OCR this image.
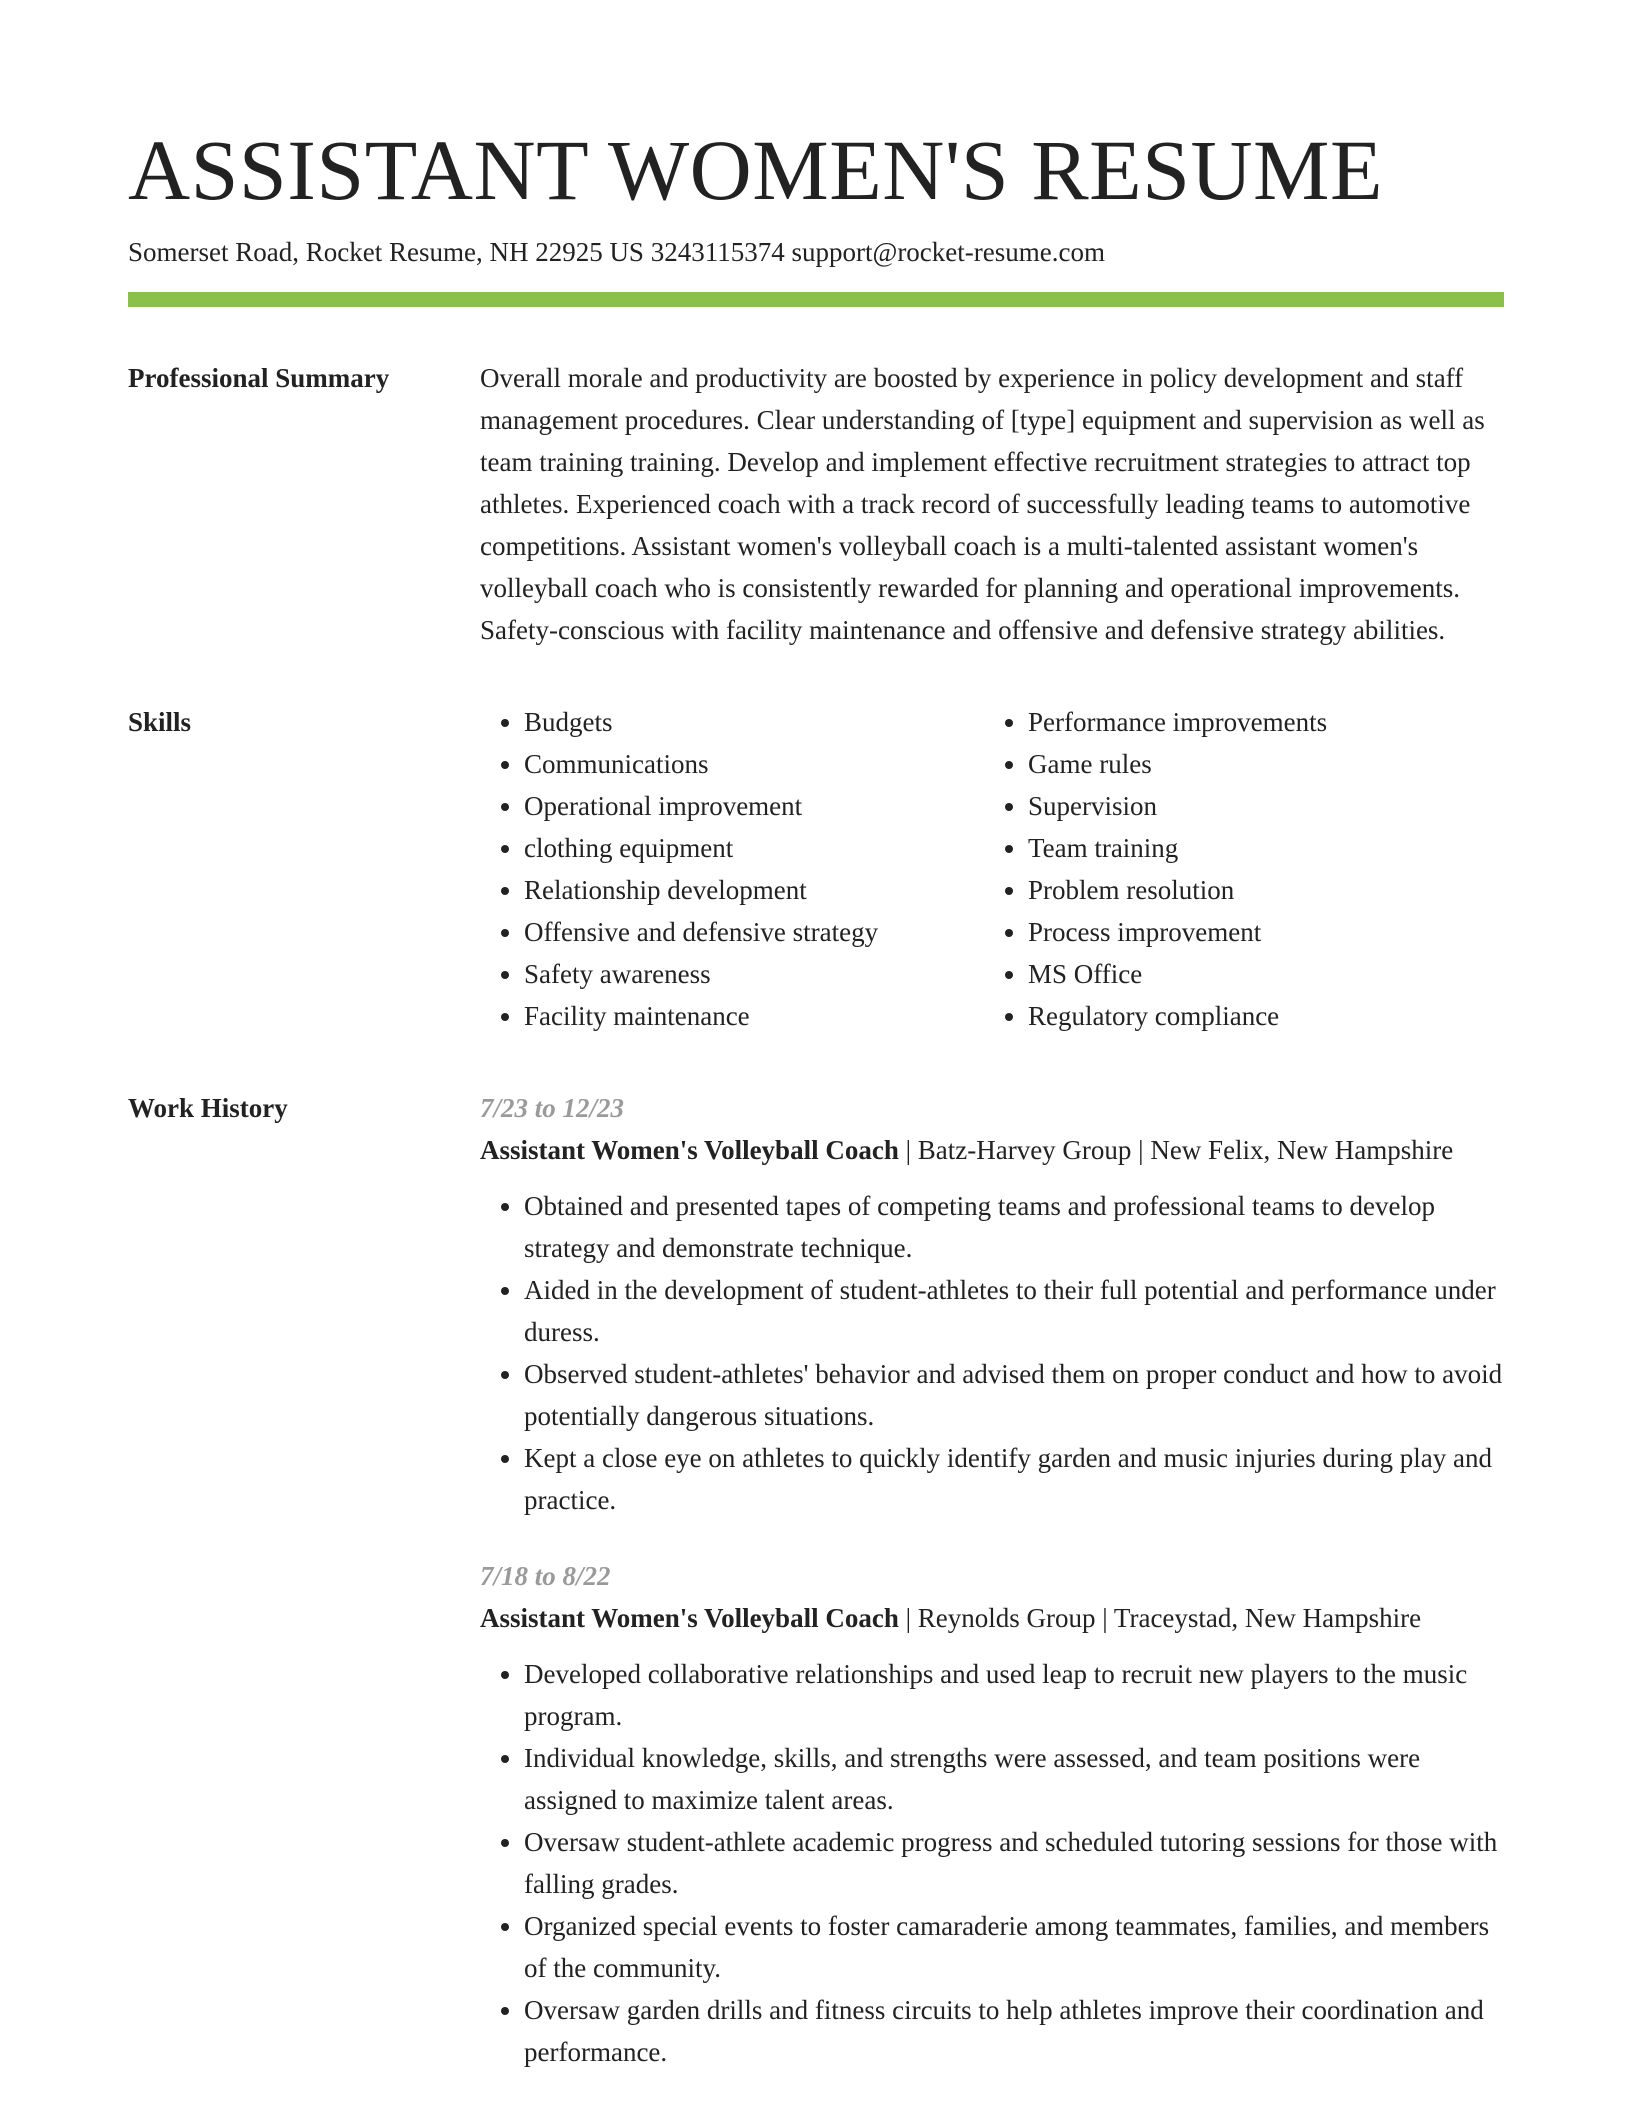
ASSISTANT WOMEN'S RESUME
Somerset Road, Rocket Resume, NH 22925 US 3243115374 support@rocket-resume.com
Professional Summary	Overall morale and productivity are boosted by experience in policy development and staff management procedures. Clear understanding of [type] equipment and supervision as well as team training training. Develop and implement effective recruitment strategies to attract top athletes. Experienced coach with a track record of successfully leading teams to automotive competitions. Assistant women's volleyball coach is a multi-talented assistant women's volleyball coach who is consistently rewarded for planning and operational improvements. Safety-conscious with facility maintenance and offensive and defensive strategy abilities.

Skills
•	Budgets
• Communications
• Operational improvement
• clothing equipment
• Relationship development
• Offensive and defensive strategy
• Safety awareness
• Facility maintenance
• Performance improvements
• Game rules
• Supervision
• Team training
• Problem resolution
• Process improvement
• MS Office
• Regulatory compliance
Work History	7/23 to 12/23
Assistant Women's Volleyball Coach | Batz-Harvey Group | New Felix, New Hampshire
• Obtained and presented tapes of competing teams and professional teams to develop strategy and demonstrate technique.
• Aided in the development of student-athletes to their full potential and performance under duress.
• Observed student-athletes' behavior and advised them on proper conduct and how to avoid potentially dangerous situations.
• Kept a close eye on athletes to quickly identify garden and music injuries during play and practice.
7/18 to 8/22
Assistant Women's Volleyball Coach | Reynolds Group | Traceystad, New Hampshire
• Developed collaborative relationships and used leap to recruit new players to the music program.
• Individual knowledge, skills, and strengths were assessed, and team positions were assigned to maximize talent areas.
• Oversaw student-athlete academic progress and scheduled tutoring sessions for those with falling grades.
• Organized special events to foster camaraderie among teammates, families, and members of the community.
• Oversaw garden drills and fitness circuits to help athletes improve their coordination and performance.
